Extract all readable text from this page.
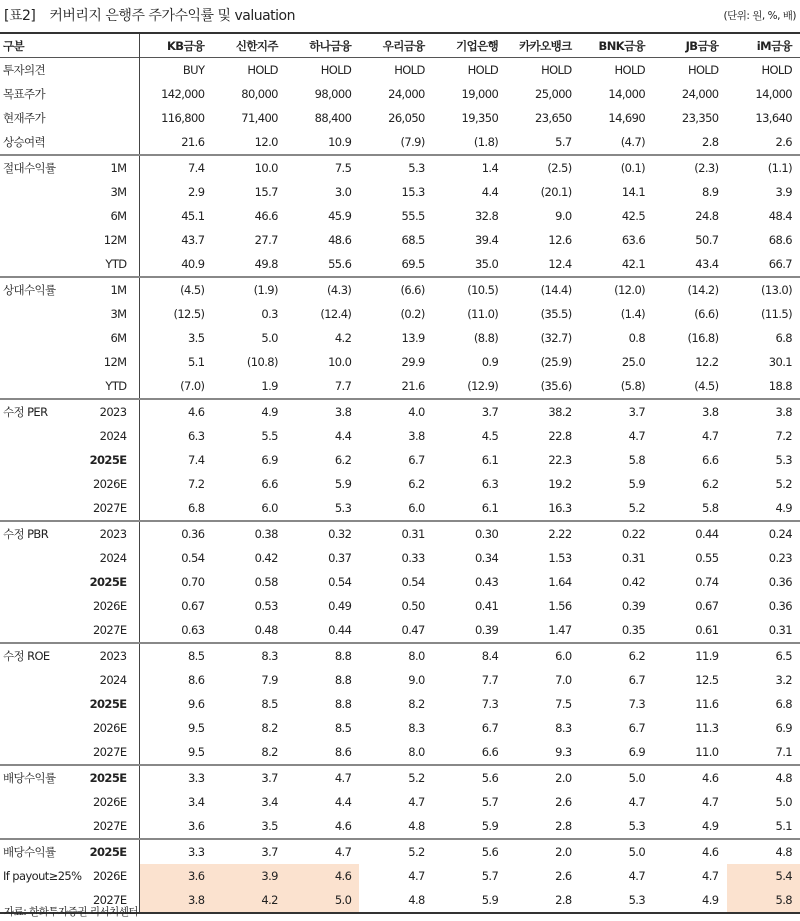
[표2] 커버리지 은행주 주가수익률 및 valuation	(단위: 원, %, 배)
구분		KB금융	신한지주	하나금융	우리금융	기업은행	카카오뱅크	BNK금융	JB금융	iM금융
투자의견		BUY	HOLD	HOLD	HOLD	HOLD	HOLD	HOLD	HOLD	HOLD
목표주가		142,000	80,000	98,000	24,000	19,000	25,000	14,000	24,000	14,000
현재주가		116,800	71,400	88,400	26,050	19,350	23,650	14,690	23,350	13,640
상승여력		21.6	12.0	10.9	(7.9)	(1.8)	5.7	(4.7)	2.8	2.6
절대수익률	1M	7.4	10.0	7.5	5.3	1.4	(2.5)	(0.1)	(2.3)	(1.1)
	3M	2.9	15.7	3.0	15.3	4.4	(20.1)	14.1	8.9	3.9
	6M	45.1	46.6	45.9	55.5	32.8	9.0	42.5	24.8	48.4
	12M	43.7	27.7	48.6	68.5	39.4	12.6	63.6	50.7	68.6
	YTD	40.9	49.8	55.6	69.5	35.0	12.4	42.1	43.4	66.7
상대수익률	1M	(4.5)	(1.9)	(4.3)	(6.6)	(10.5)	(14.4)	(12.0)	(14.2)	(13.0)
	3M	(12.5)	0.3	(12.4)	(0.2)	(11.0)	(35.5)	(1.4)	(6.6)	(11.5)
	6M	3.5	5.0	4.2	13.9	(8.8)	(32.7)	0.8	(16.8)	6.8
	12M	5.1	(10.8)	10.0	29.9	0.9	(25.9)	25.0	12.2	30.1
	YTD	(7.0)	1.9	7.7	21.6	(12.9)	(35.6)	(5.8)	(4.5)	18.8
수정 PER	2023	4.6	4.9	3.8	4.0	3.7	38.2	3.7	3.8	3.8
	2024	6.3	5.5	4.4	3.8	4.5	22.8	4.7	4.7	7.2
	2025E	7.4	6.9	6.2	6.7	6.1	22.3	5.8	6.6	5.3
	2026E	7.2	6.6	5.9	6.2	6.3	19.2	5.9	6.2	5.2
	2027E	6.8	6.0	5.3	6.0	6.1	16.3	5.2	5.8	4.9
수정 PBR	2023	0.36	0.38	0.32	0.31	0.30	2.22	0.22	0.44	0.24
	2024	0.54	0.42	0.37	0.33	0.34	1.53	0.31	0.55	0.23
	2025E	0.70	0.58	0.54	0.54	0.43	1.64	0.42	0.74	0.36
	2026E	0.67	0.53	0.49	0.50	0.41	1.56	0.39	0.67	0.36
	2027E	0.63	0.48	0.44	0.47	0.39	1.47	0.35	0.61	0.31
수정 ROE	2023	8.5	8.3	8.8	8.0	8.4	6.0	6.2	11.9	6.5
	2024	8.6	7.9	8.8	9.0	7.7	7.0	6.7	12.5	3.2
	2025E	9.6	8.5	8.8	8.2	7.3	7.5	7.3	11.6	6.8
	2026E	9.5	8.2	8.5	8.3	6.7	8.3	6.7	11.3	6.9
	2027E	9.5	8.2	8.6	8.0	6.6	9.3	6.9	11.0	7.1
배당수익률	2025E	3.3	3.7	4.7	5.2	5.6	2.0	5.0	4.6	4.8
	2026E	3.4	3.4	4.4	4.7	5.7	2.6	4.7	4.7	5.0
	2027E	3.6	3.5	4.6	4.8	5.9	2.8	5.3	4.9	5.1
배당수익률	2025E	3.3	3.7	4.7	5.2	5.6	2.0	5.0	4.6	4.8
If payout≥25%	2026E	3.6	3.9	4.6	4.7	5.7	2.6	4.7	4.7	5.4
	2027E	3.8	4.2	5.0	4.8	5.9	2.8	5.3	4.9	5.8
자료: 한화투자증권 리서치센터
